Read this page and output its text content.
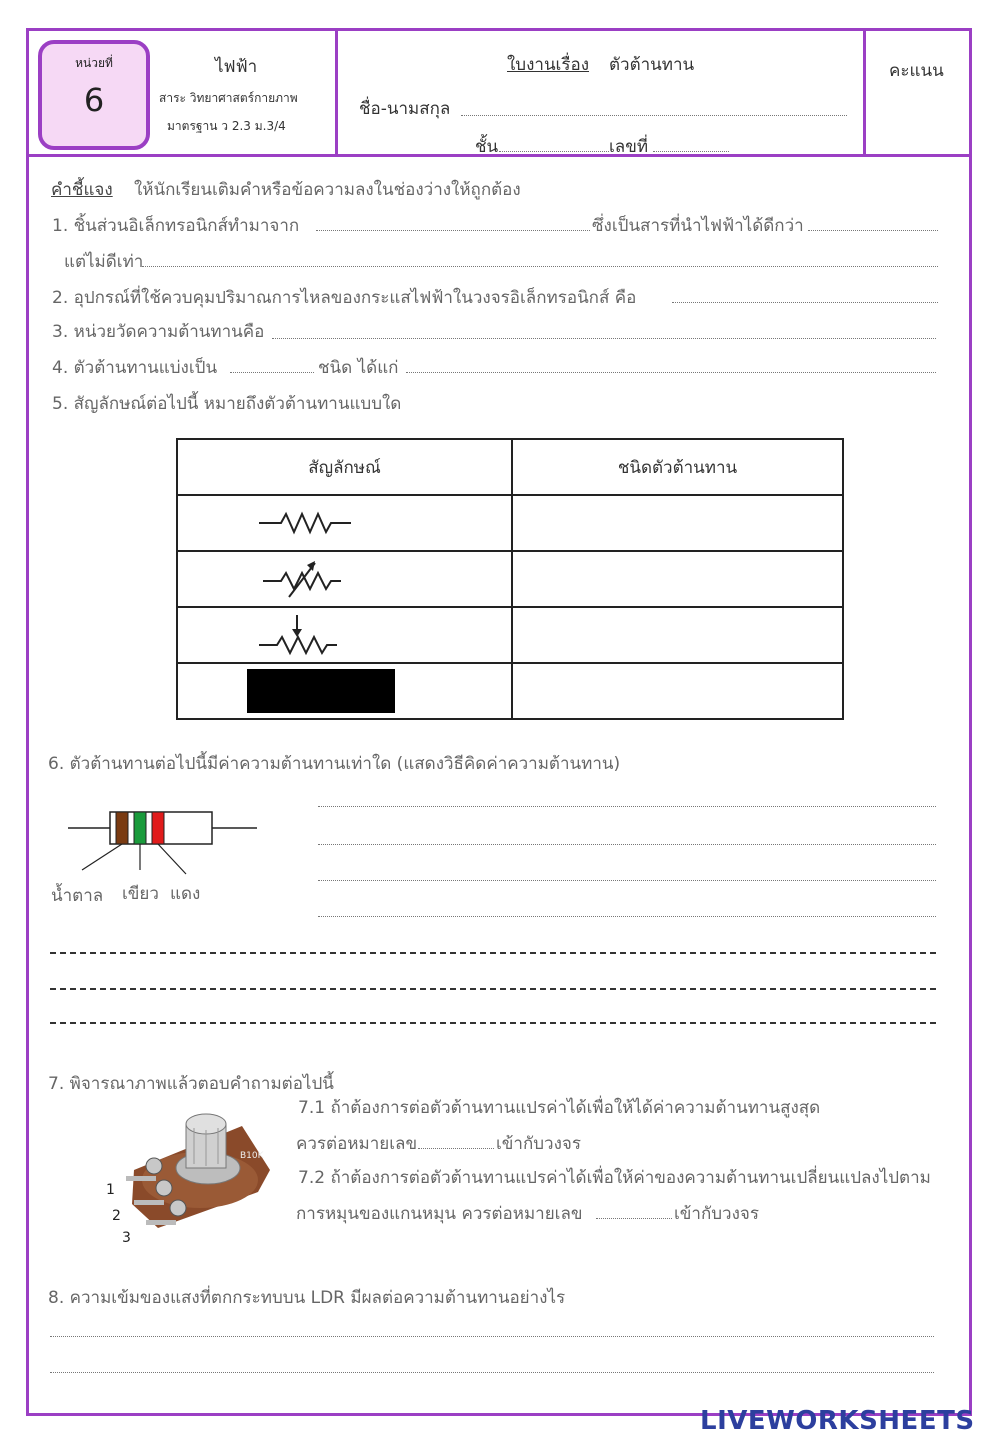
หน่วยที่
6
ไฟฟ้า
สาระ วิทยาศาสตร์กายภาพ
มาตรฐาน ว 2.3 ม.3/4
ใบงานเรื่อง ตัวต้านทาน
ชื่อ-นามสกุล
ชั้น	เลขที่
คะแนน
คำชี้แจง ให้นักเรียนเติมคำหรือข้อความลงในช่องว่างให้ถูกต้อง
1. ชิ้นส่วนอิเล็กทรอนิกส์ทำมาจาก	ซึ่งเป็นสารที่นำไฟฟ้าได้ดีกว่า
แต่ไม่ดีเท่า
2. อุปกรณ์ที่ใช้ควบคุมปริมาณการไหลของกระแสไฟฟ้าในวงจรอิเล็กทรอนิกส์ คือ
3. หน่วยวัดความต้านทานคือ
4. ตัวต้านทานแบ่งเป็น	ชนิด ได้แก่
5. สัญลักษณ์ต่อไปนี้ หมายถึงตัวต้านทานแบบใด
สัญลักษณ์	ชนิดตัวต้านทาน

6. ตัวต้านทานต่อไปนี้มีค่าความต้านทานเท่าใด (แสดงวิธีคิดค่าความต้านทาน)
น้ำตาล เขียว แดง
7. พิจารณาภาพแล้วตอบคำถามต่อไปนี้
B10K
1
2
3
7.1 ถ้าต้องการต่อตัวต้านทานแปรค่าได้เพื่อให้ได้ค่าความต้านทานสูงสุด
ควรต่อหมายเลข	เข้ากับวงจร
7.2 ถ้าต้องการต่อตัวต้านทานแปรค่าได้เพื่อให้ค่าของความต้านทานเปลี่ยนแปลงไปตาม
การหมุนของแกนหมุน ควรต่อหมายเลข	เข้ากับวงจร
8. ความเข้มของแสงที่ตกกระทบบน LDR มีผลต่อความต้านทานอย่างไร
LIVEWORKSHEETS
